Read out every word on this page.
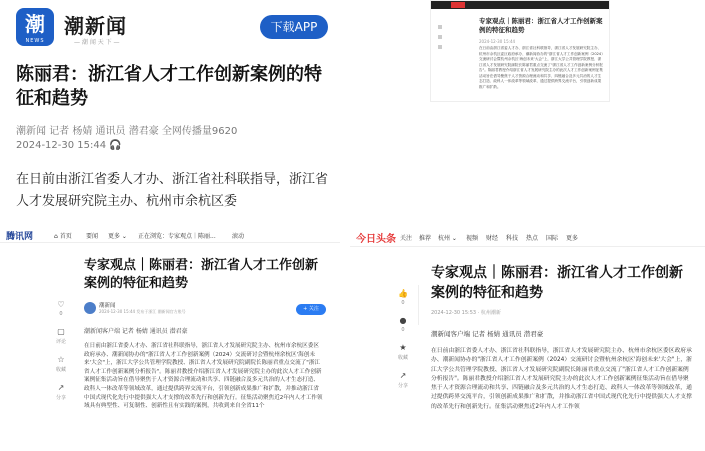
潮
NEWS
潮新闻
— 潮 闻 天 下 —
下载APP
陈丽君：浙江省人才工作创新案例的特征和趋势
潮新闻 记者 杨婧 通讯员 潜君豪 全网传播量9620
2024-12-30 15:44 🎧
在日前由浙江省委人才办、浙江省社科联指导，浙江省人才发展研究院主办、杭州市余杭区委
专家观点｜陈丽君：浙江省人才工作创新案例的特征和趋势
2024-12-30 15:44
在日前由浙江省委人才办、浙江省社科联指导，浙江省人才发展研究院主办、杭州市余杭区委区政府承办、潮新闻协办的"浙江省人才工作创新案例（2024）交流研讨会暨杭州余杭区'海创未来'大会"上，浙江大学公共管理学院教授、浙江省人才发展研究院副院长陈丽君重点交流了"浙江省人才工作创新案例分析报告"。陈丽君教授介绍浙江省人才发展研究院主办的此次人才工作创新案例征集活动旨在借导聚焦于人才资源合理流动和共享、四链融合及多元共治的人才生态打造、政科人一体改革等领域改革，通过提供跨界交流平台，引领创新成果推广和扩散。
腾讯网	⌂ 首页 要闻 更多 ⌄ 正在浏览：专家观点｜陈丽...	滚动
♡
0
▢
评论
☆
收藏
↗
分享
专家观点｜陈丽君：浙江省人才工作创新案例的特征和趋势
潮新闻
2024-12-30 15:44 发布于浙江 潮新闻官方账号	+ 关注
潮新闻客户端 记者 杨婧 通讯员 潜君豪
在日前由浙江省委人才办、浙江省社科联指导，浙江省人才发展研究院主办、杭州市余杭区委区政府承办、潮新闻协办的"浙江省人才工作创新案例（2024）交流研讨会暨杭州余杭区'海创未来'大会"上，浙江大学公共管理学院教授、浙江省人才发展研究院副院长陈丽君重点交流了"浙江省人才工作创新案例分析报告"。陈丽君教授介绍浙江省人才发展研究院主办的此次人才工作创新案例征集活动旨在借导聚焦于人才资源合理流动和共享、四链融合及多元共治的人才生态打造、政科人一体改革等领域改革，通过提供跨界交流平台，引领创新成果推广和扩散，并推动浙江省中国式现代化先行中提供强大人才支撑的改革先行和创新先行。征集活动聚焦近2年内人才工作领域具有典型性、可复制性、创新性且有实践的案例，共收到来自全省11个
今日头条 关注 推荐 杭州 ⌄ 视频 财经 科技 热点 国际 更多
👍
0
●
0
★
收藏
↗
分享
专家观点｜陈丽君：浙江省人才工作创新案例的特征和趋势
2024-12-30 15:53 · 杭州潮新
潮新闻客户端 记者 杨婧 通讯员 潜君豪
在日前由浙江省委人才办、浙江省社科联指导，浙江省人才发展研究院主办、杭州市余杭区委区政府承办、潮新闻协办的"浙江省人才工作创新案例（2024）交流研讨会暨杭州余杭区'海创未来'大会"上，浙江大学公共管理学院教授、浙江省人才发展研究院副院长陈丽君重点交流了"浙江省人才工作创新案例分析报告"。陈丽君教授介绍浙江省人才发展研究院主办的此次人才工作创新案例征集活动旨在借导聚焦于人才资源合理流动和共享、四链融合及多元共治的人才生态打造、政科人一体改革等领域改革，通过提供跨界交流平台，引领创新成果推广和扩散，并推动浙江省中国式现代化先行中提供强大人才支撑的改革先行和创新先行。征集活动聚焦近2年内人才工作领
